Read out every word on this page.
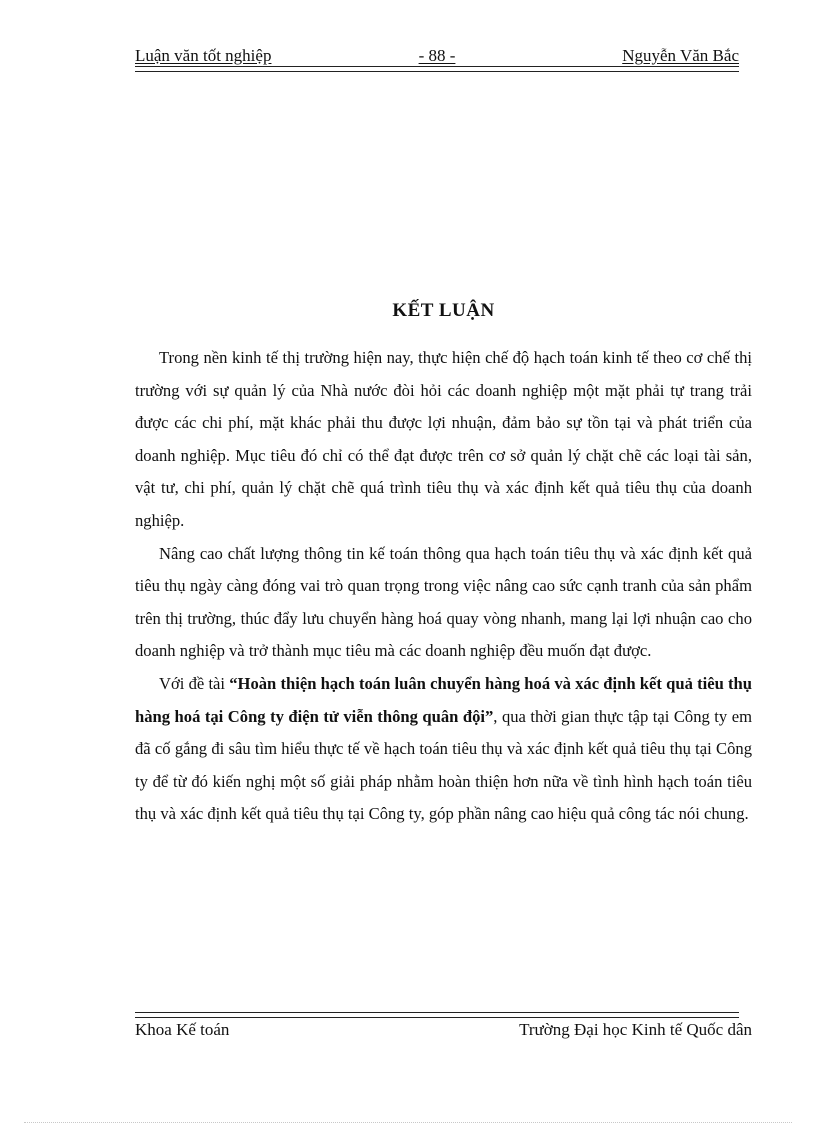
Luận văn tốt nghiệp	- 88 -	Nguyễn Văn Bắc
KẾT LUẬN

Trong nền kinh tế thị trường hiện nay, thực hiện chế độ hạch toán kinh tế theo cơ chế thị trường với sự quản lý của Nhà nước đòi hỏi các doanh nghiệp một mặt phải tự trang trải được các chi phí, mặt khác phải thu được lợi nhuận, đảm bảo sự tồn tại và phát triển của doanh nghiệp. Mục tiêu đó chỉ có thể đạt được trên cơ sở quản lý chặt chẽ các loại tài sản, vật tư, chi phí, quản lý chặt chẽ quá trình tiêu thụ và xác định kết quả tiêu thụ của doanh nghiệp.

Nâng cao chất lượng thông tin kế toán thông qua hạch toán tiêu thụ và xác định kết quả tiêu thụ ngày càng đóng vai trò quan trọng trong việc nâng cao sức cạnh tranh của sản phẩm trên thị trường, thúc đẩy lưu chuyển hàng hoá quay vòng nhanh, mang lại lợi nhuận cao cho doanh nghiệp và trở thành mục tiêu mà các doanh nghiệp đều muốn đạt được.

Với đề tài “Hoàn thiện hạch toán luân chuyển hàng hoá và xác định kết quả tiêu thụ hàng hoá tại Công ty điện tử viễn thông quân đội”, qua thời gian thực tập tại Công ty em đã cố gắng đi sâu tìm hiểu thực tế về hạch toán tiêu thụ và xác định kết quả tiêu thụ tại Công ty để từ đó kiến nghị một số giải pháp nhằm hoàn thiện hơn nữa về tình hình hạch toán tiêu thụ và xác định kết quả tiêu thụ tại Công ty, góp phần nâng cao hiệu quả công tác nói chung.

Khoa Kế toán	Trường Đại học Kinh tế Quốc dân
